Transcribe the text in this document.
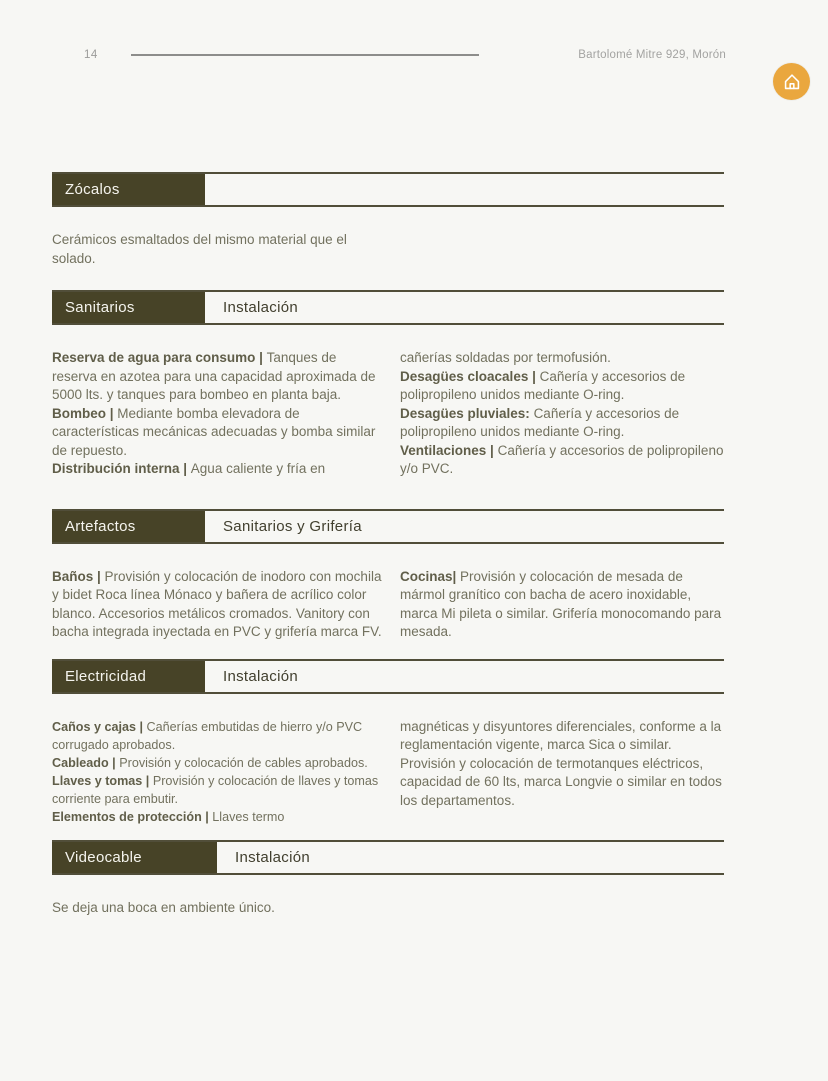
14	Bartolomé Mitre 929, Morón
Zócalos

Cerámicos esmaltados del mismo material que el solado.

Sanitarios	Instalación

Reserva de agua para consumo | Tanques de reserva en azotea para una capacidad aproximada de 5000 lts. y tanques para bombeo en planta baja.

Bombeo | Mediante bomba elevadora de características mecánicas adecuadas y bomba similar de repuesto.

Distribución interna | Agua caliente y fría en

cañerías soldadas por termofusión.

Desagües cloacales | Cañería y accesorios de polipropileno unidos mediante O-ring.

Desagües pluviales: Cañería y accesorios de polipropileno unidos mediante O-ring.

Ventilaciones | Cañería y accesorios de polipropileno y/o PVC.

Artefactos	Sanitarios y Grifería

Baños | Provisión y colocación de inodoro con mochila y bidet Roca línea Mónaco y bañera de acrílico color blanco. Accesorios metálicos cromados. Vanitory con bacha integrada inyectada en PVC y grifería marca FV.

Cocinas| Provisión y colocación de mesada de mármol granítico con bacha de acero inoxidable, marca Mi pileta o similar. Grifería monocomando para mesada.

Electricidad	Instalación

Caños y cajas | Cañerías embutidas de hierro y/o PVC corrugado aprobados.

Cableado | Provisión y colocación de cables aprobados.

Llaves y tomas | Provisión y colocación de llaves y tomas corriente para embutir.

Elementos de protección | Llaves termo

magnéticas y disyuntores diferenciales, conforme a la reglamentación vigente, marca Sica o similar. Provisión y colocación de termotanques eléctricos, capacidad de 60 lts, marca Longvie o similar en todos los departamentos.

Videocable	Instalación

Se deja una boca en ambiente único.
